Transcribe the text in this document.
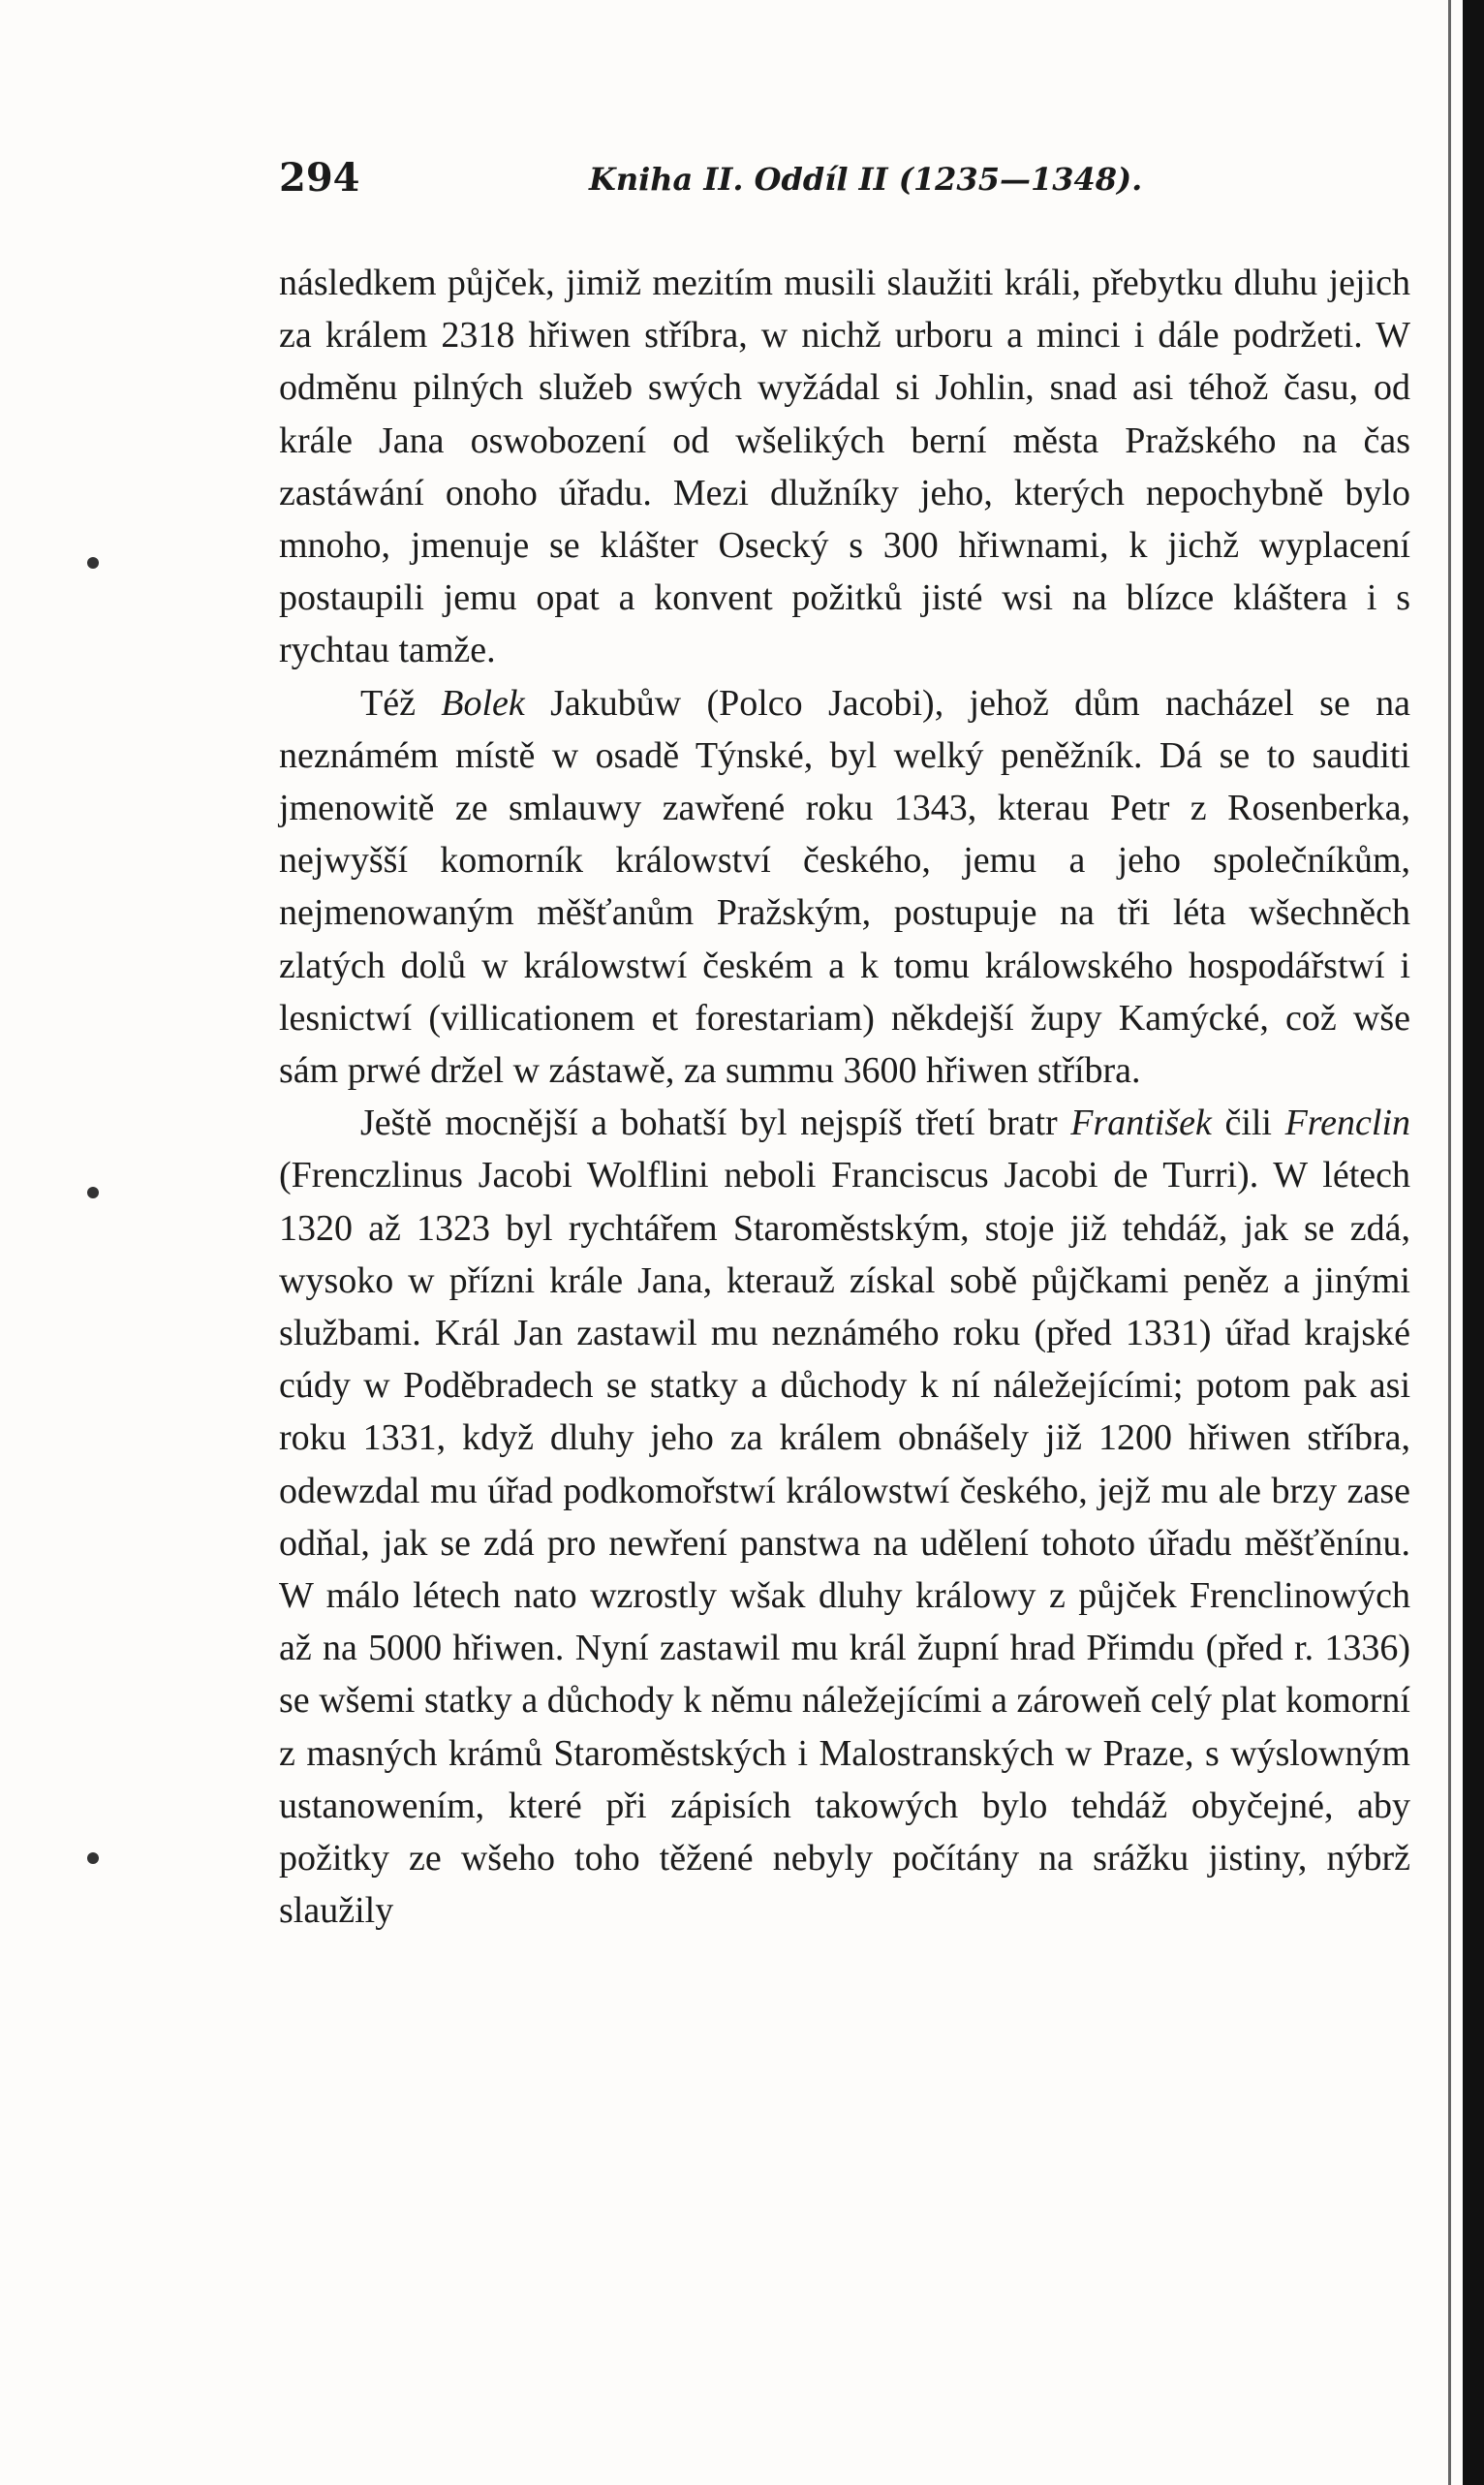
294	Kniha II. Oddíl II (1235—1348).

následkem půjček, jimiž mezitím musili slaužiti králi, přebytku dluhu jejich za králem 2318 hřiwen stříbra, w nichž urboru a minci i dále podržeti. W odměnu pilných služeb swých wyžádal si Johlin, snad asi téhož času, od krále Jana oswobození od wšelikých berní města Pražského na čas zastáwání onoho úřadu. Mezi dlužníky jeho, kterých nepochybně bylo mnoho, jmenuje se klášter Osecký s 300 hřiwnami, k jichž wyplacení postaupili jemu opat a konvent požitků jisté wsi na blízce kláštera i s rychtau tamže.

Též Bolek Jakubůw (Polco Jacobi), jehož dům nacházel se na neznámém místě w osadě Týnské, byl welký peněžník. Dá se to sauditi jmenowitě ze smlauwy zawřené roku 1343, kterau Petr z Rosenberka, nejwyšší komorník králowství českého, jemu a jeho společníkům, nejmenowaným měšťanům Pražským, postupuje na tři léta wšechněch zlatých dolů w králowstwí českém a k tomu králowského hospodářstwí i lesnictwí (villicationem et forestariam) někdejší župy Kamýcké, což wše sám prwé držel w zástawě, za summu 3600 hřiwen stříbra.

Ještě mocnější a bohatší byl nejspíš třetí bratr František čili Frenclin (Frenczlinus Jacobi Wolflini neboli Franciscus Jacobi de Turri). W létech 1320 až 1323 byl rychtářem Staroměstským, stoje již tehdáž, jak se zdá, wysoko w přízni krále Jana, kterauž získal sobě půjčkami peněz a jinými službami. Král Jan zastawil mu neznámého roku (před 1331) úřad krajské cúdy w Poděbradech se statky a důchody k ní náležejícími; potom pak asi roku 1331, když dluhy jeho za králem obnášely již 1200 hřiwen stříbra, odewzdal mu úřad podkomořstwí králowstwí českého, jejž mu ale brzy zase odňal, jak se zdá pro newření panstwa na udělení tohoto úřadu měšťěnínu. W málo létech nato wzrostly wšak dluhy králowy z půjček Frenclinowých až na 5000 hřiwen. Nyní zastawil mu král župní hrad Přimdu (před r. 1336) se wšemi statky a důchody k němu náležejícími a zároweň celý plat komorní z masných krámů Staroměstských i Malostranských w Praze, s wýslowným ustanowením, které při zápisích takowých bylo tehdáž obyčejné, aby požitky ze wšeho toho těžené nebyly počítány na srážku jistiny, nýbrž slaužily
